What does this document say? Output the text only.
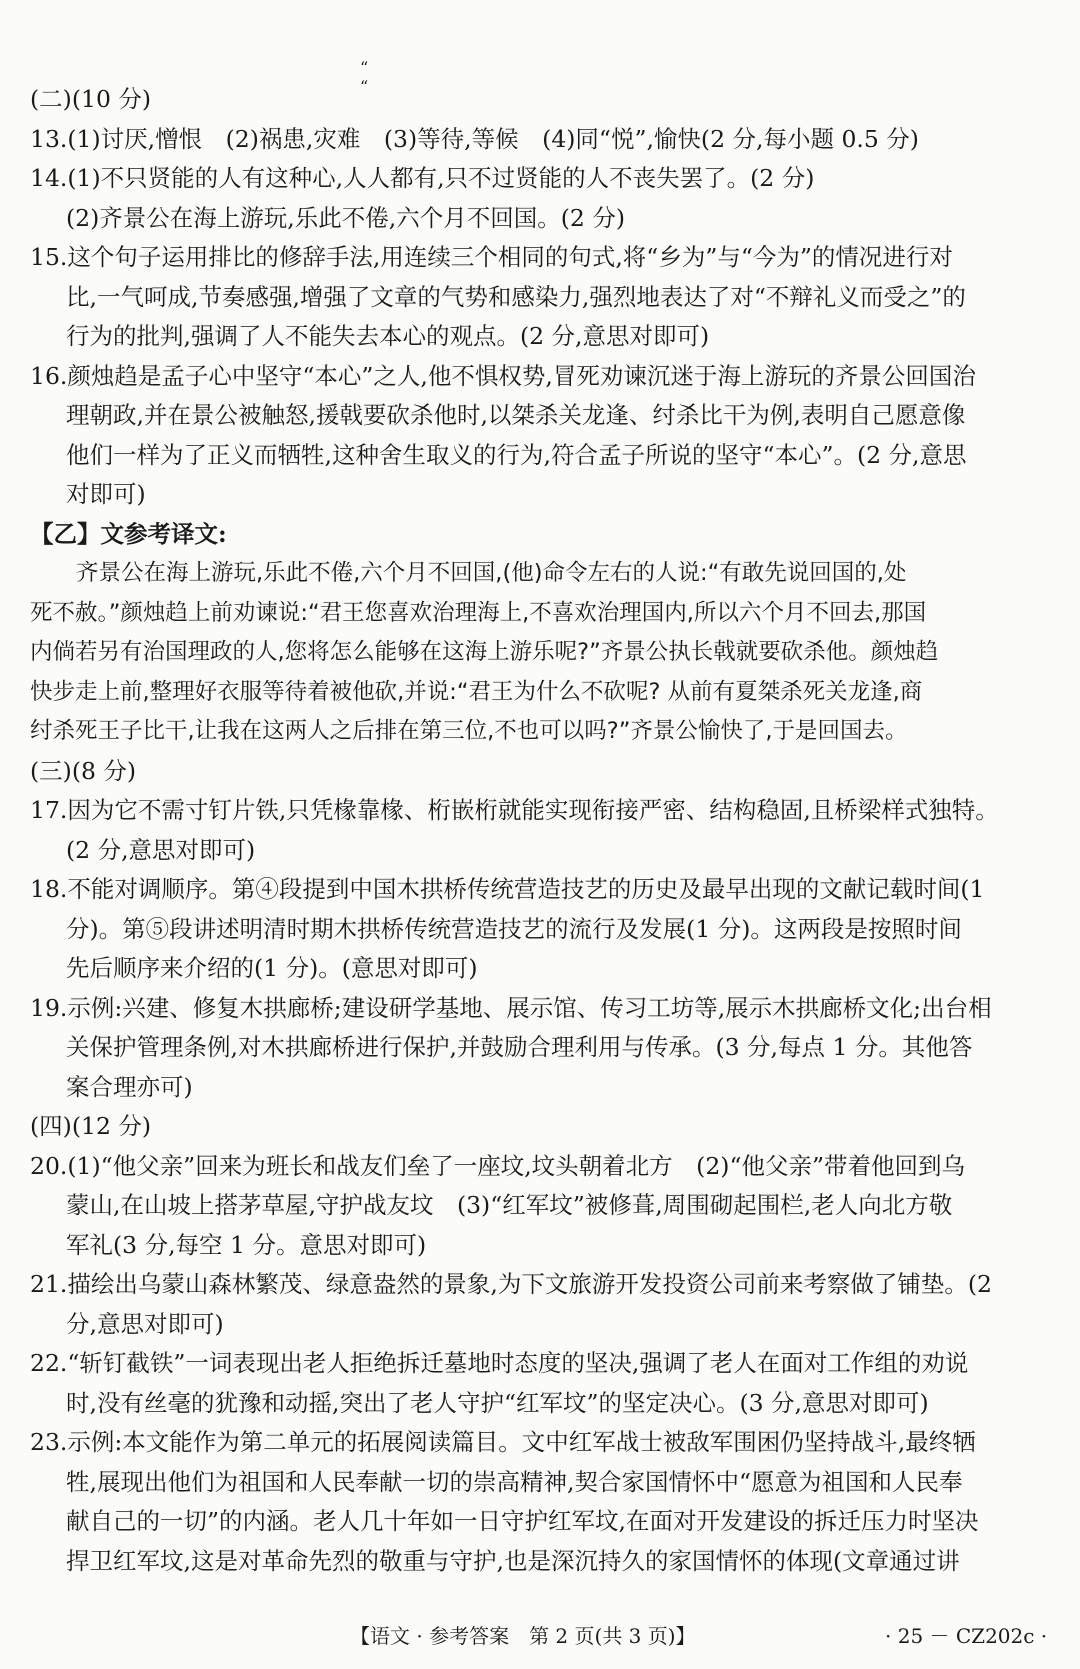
“ “
(二)(10 分)
13.(1)讨厌,憎恨　(2)祸患,灾难　(3)等待,等候　(4)同“悦”,愉快(2 分,每小题 0.5 分)
14.(1)不只贤能的人有这种心,人人都有,只不过贤能的人不丧失罢了。(2 分)
(2)齐景公在海上游玩,乐此不倦,六个月不回国。(2 分)
15.这个句子运用排比的修辞手法,用连续三个相同的句式,将“乡为”与“今为”的情况进行对
比,一气呵成,节奏感强,增强了文章的气势和感染力,强烈地表达了对“不辩礼义而受之”的
行为的批判,强调了人不能失去本心的观点。(2 分,意思对即可)
16.颜烛趋是孟子心中坚守“本心”之人,他不惧权势,冒死劝谏沉迷于海上游玩的齐景公回国治
理朝政,并在景公被触怒,援戟要砍杀他时,以桀杀关龙逢、纣杀比干为例,表明自己愿意像
他们一样为了正义而牺牲,这种舍生取义的行为,符合孟子所说的坚守“本心”。(2 分,意思
对即可)
【乙】文参考译文:

齐景公在海上游玩,乐此不倦,六个月不回国,(他)命令左右的人说:“有敢先说回国的,处

死不赦。”颜烛趋上前劝谏说:“君王您喜欢治理海上,不喜欢治理国内,所以六个月不回去,那国

内倘若另有治国理政的人,您将怎么能够在这海上游乐呢?”齐景公执长戟就要砍杀他。颜烛趋

快步走上前,整理好衣服等待着被他砍,并说:“君王为什么不砍呢? 从前有夏桀杀死关龙逢,商

纣杀死王子比干,让我在这两人之后排在第三位,不也可以吗?”齐景公愉快了,于是回国去。

(三)(8 分)
17.因为它不需寸钉片铁,只凭椽靠椽、桁嵌桁就能实现衔接严密、结构稳固,且桥梁样式独特。
(2 分,意思对即可)
18.不能对调顺序。第④段提到中国木拱桥传统营造技艺的历史及最早出现的文献记载时间(1
分)。第⑤段讲述明清时期木拱桥传统营造技艺的流行及发展(1 分)。这两段是按照时间
先后顺序来介绍的(1 分)。(意思对即可)
19.示例:兴建、修复木拱廊桥;建设研学基地、展示馆、传习工坊等,展示木拱廊桥文化;出台相
关保护管理条例,对木拱廊桥进行保护,并鼓励合理利用与传承。(3 分,每点 1 分。其他答
案合理亦可)
(四)(12 分)
20.(1)“他父亲”回来为班长和战友们垒了一座坟,坟头朝着北方　(2)“他父亲”带着他回到乌
蒙山,在山坡上搭茅草屋,守护战友坟　(3)“红军坟”被修葺,周围砌起围栏,老人向北方敬
军礼(3 分,每空 1 分。意思对即可)
21.描绘出乌蒙山森林繁茂、绿意盎然的景象,为下文旅游开发投资公司前来考察做了铺垫。(2
分,意思对即可)
22.“斩钉截铁”一词表现出老人拒绝拆迁墓地时态度的坚决,强调了老人在面对工作组的劝说
时,没有丝毫的犹豫和动摇,突出了老人守护“红军坟”的坚定决心。(3 分,意思对即可)
23.示例:本文能作为第二单元的拓展阅读篇目。文中红军战士被敌军围困仍坚持战斗,最终牺
牲,展现出他们为祖国和人民奉献一切的崇高精神,契合家国情怀中“愿意为祖国和人民奉
献自己的一切”的内涵。老人几十年如一日守护红军坟,在面对开发建设的拆迁压力时坚决
捍卫红军坟,这是对革命先烈的敬重与守护,也是深沉持久的家国情怀的体现(文章通过讲
【语文 · 参考答案　第 2 页(共 3 页)】	· 25 － CZ202c ·
